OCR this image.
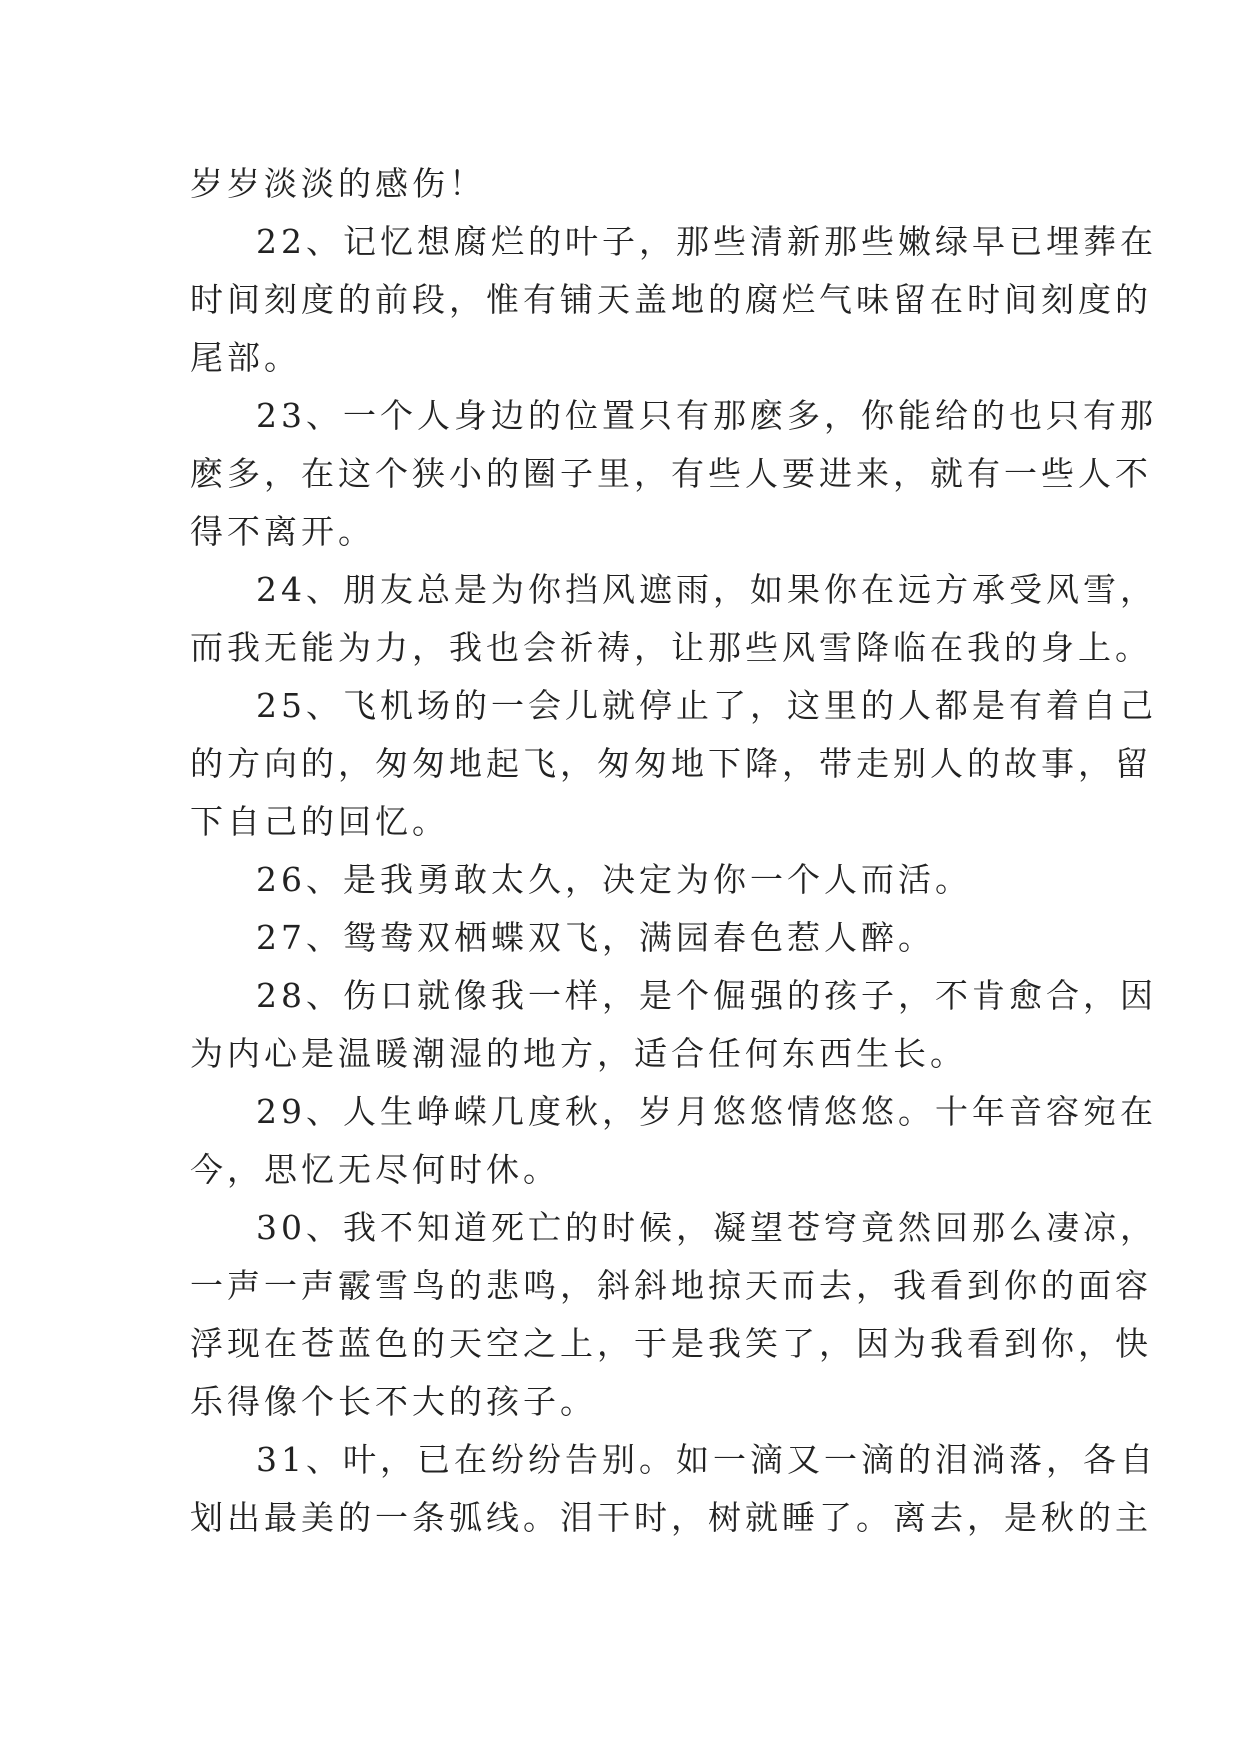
岁岁淡淡的感伤！
22、记忆想腐烂的叶子，那些清新那些嫩绿早已埋葬在
时间刻度的前段，惟有铺天盖地的腐烂气味留在时间刻度的
尾部。
23、一个人身边的位置只有那麽多，你能给的也只有那
麽多，在这个狭小的圈子里，有些人要进来，就有一些人不
得不离开。
24、朋友总是为你挡风遮雨，如果你在远方承受风雪，
而我无能为力，我也会祈祷，让那些风雪降临在我的身上。
25、飞机场的一会儿就停止了，这里的人都是有着自己
的方向的，匆匆地起飞，匆匆地下降，带走别人的故事，留
下自己的回忆。
26、是我勇敢太久，决定为你一个人而活。
27、鸳鸯双栖蝶双飞，满园春色惹人醉。
28、伤口就像我一样，是个倔强的孩子，不肯愈合，因
为内心是温暖潮湿的地方，适合任何东西生长。
29、人生峥嵘几度秋，岁月悠悠情悠悠。十年音容宛在
今，思忆无尽何时休。
30、我不知道死亡的时候，凝望苍穹竟然回那么凄凉，
一声一声霰雪鸟的悲鸣，斜斜地掠天而去，我看到你的面容
浮现在苍蓝色的天空之上，于是我笑了，因为我看到你，快
乐得像个长不大的孩子。
31、叶，已在纷纷告别。如一滴又一滴的泪淌落，各自
划出最美的一条弧线。泪干时，树就睡了。离去，是秋的主
